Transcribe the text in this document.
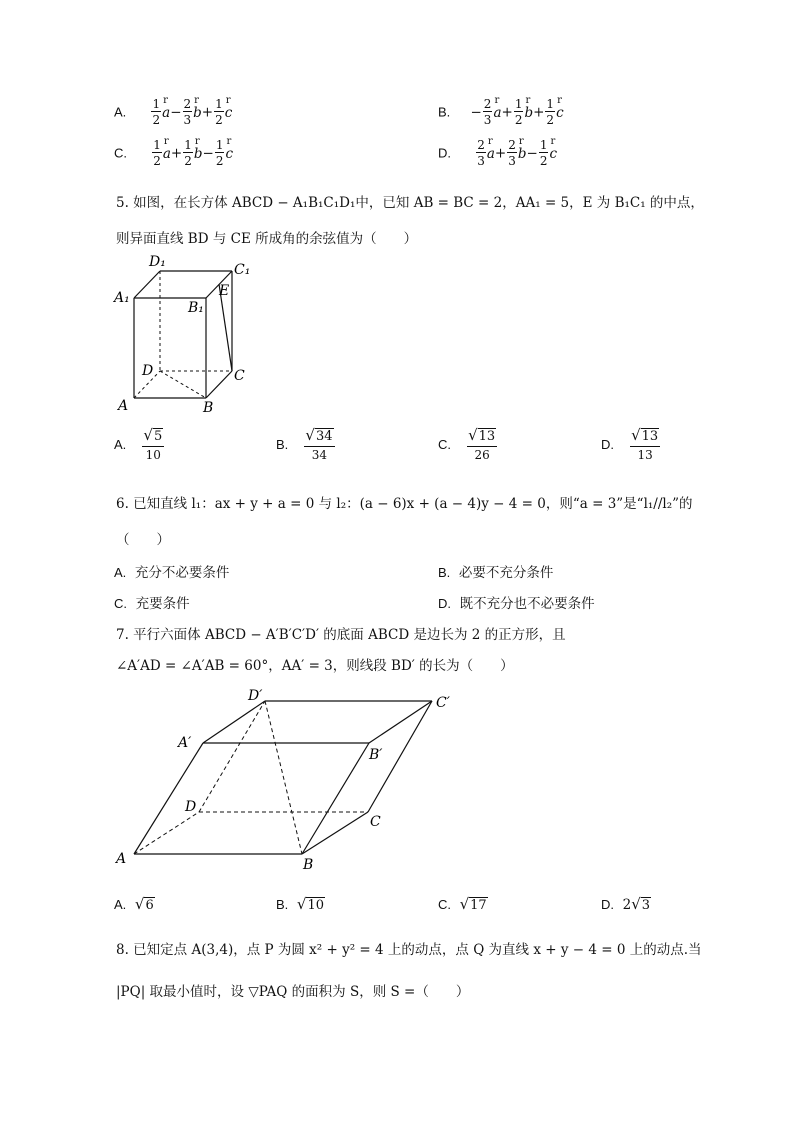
A. $\frac{1}{2}$ r $a- \frac{2}{3}$ r $b+ \frac{1}{2}$ r c	B. − $\frac{2}{3}$ r $a+ \frac{1}{2}$ r $b+ \frac{1}{2}$ r c
C. $\frac{1}{2}$ r $a+ \frac{1}{2}$ r $b- \frac{1}{2}$ r c	D. $\frac{2}{3}$ r $a+ \frac{2}{3}$ r $b- \frac{1}{2}$ r c
5. 如图，在长方体 ABCD − A₁B₁C₁D₁中，已知 AB = BC = 2，AA₁ = 5，E 为 B₁C₁ 的中点，
则异面直线 BD 与 CE 所成角的余弦值为（　　）
D₁	C₁
A₁	E
B₁
D	C
A	B
A. $\frac{√ 5}{10}$	B. $\frac{√ 34}{34}$	C. $\frac{√ 13}{26}$	D. $\frac{√ 13}{13}$
6. 已知直线 l₁：ax + y + a = 0 与 l₂：(a − 6)x + (a − 4)y − 4 = 0，则“a = 3”是“l₁//l₂”的
（　　）
A. 充分不必要条件	B. 必要不充分条件
C. 充要条件	D. 既不充分也不必要条件
7. 平行六面体 ABCD − A′B′C′D′ 的底面 ABCD 是边长为 2 的正方形，且
∠A′AD = ∠A′AB = 60°，AA′ = 3，则线段 BD′ 的长为（　　）
D′	C′
A′
B′
D
C
A	B
A. √ 6	B. √ 10	C. √ 17	D. 2 √ 3
8. 已知定点 A(3,4)，点 P 为圆 x² + y² = 4 上的动点，点 Q 为直线 x + y − 4 = 0 上的动点.当
|PQ| 取最小值时，设 ▽PAQ 的面积为 S，则 S =（　　）
